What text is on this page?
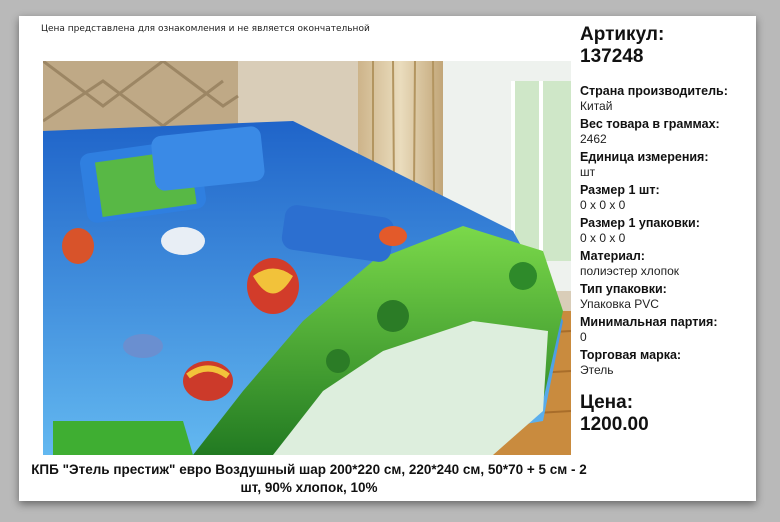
Цена представлена для ознакомления и не является окончательной
КПБ "Этель престиж" евро Воздушный шар 200*220 см, 220*240 см, 50*70 + 5 см - 2 шт, 90% хлопок, 10%
Артикул:
137248
Страна производитель:
Китай
Вес товара в граммах:
2462
Единица измерения:
шт
Размер 1 шт:
0 x 0 x 0
Размер 1 упаковки:
0 x 0 x 0
Материал:
полиэстер хлопок
Тип упаковки:
Упаковка PVC
Минимальная партия:
0
Торговая марка:
Этель
Цена:
1200.00
